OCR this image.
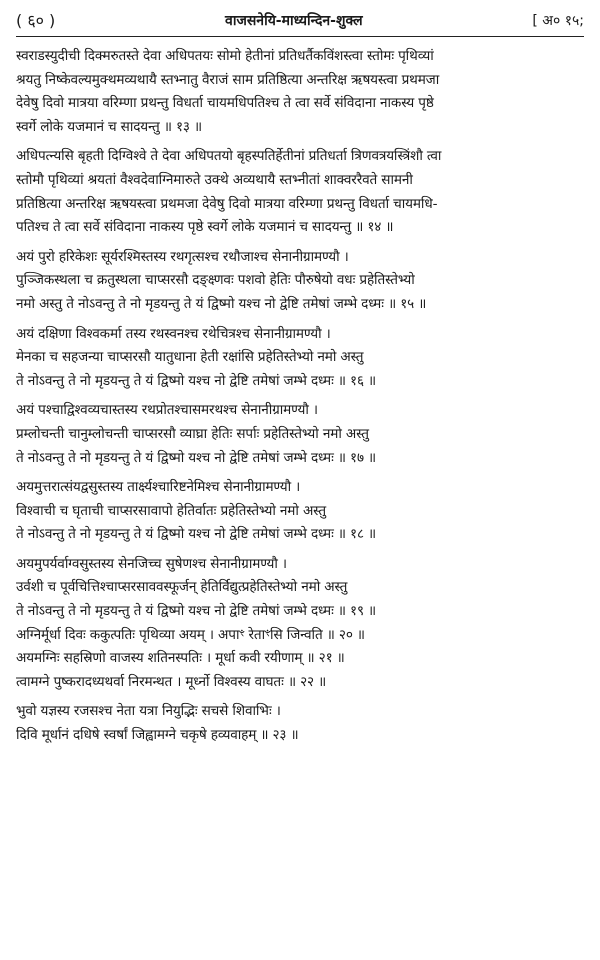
( ६० )	वाजसनेयि-माध्यन्दिन-शुक्ल	[ अ० १५;
स्वराडस्युदीची दिक्मरुतस्ते देवा अधिपतयः सोमो हेतीनां प्रतिधर्तैकविंशस्त्वा स्तोमः पृथिव्यां
श्रयतु निष्केवल्यमुक्थमव्यथायै स्तभ्नातु वैराजं साम प्रतिष्ठित्या अन्तरिक्ष ऋषयस्त्वा प्रथमजा
देवेषु दिवो मात्रया वरिम्णा प्रथन्तु विधर्ता चायमधिपतिश्च ते त्वा सर्वे संविदाना नाकस्य पृष्ठे
स्वर्गे लोके यजमानं च सादयन्तु ॥ १३ ॥
अधिपत्न्यसि बृहती दिग्विश्वे ते देवा अधिपतयो बृहस्पतिर्हेतीनां प्रतिधर्ता त्रिणवत्रयस्त्रिंशौ त्वा
स्तोमौ पृथिव्यां श्रयतां वैश्वदेवाग्निमारुते उक्थे अव्यथायै स्तभ्नीतां शाक्वररैवते सामनी
प्रतिष्ठित्या अन्तरिक्ष ऋषयस्त्वा प्रथमजा देवेषु दिवो मात्रया वरिम्णा प्रथन्तु विधर्ता चायमधि-
पतिश्च ते त्वा सर्वे संविदाना नाकस्य पृष्ठे स्वर्गे लोके यजमानं च सादयन्तु ॥ १४ ॥
अयं पुरो हरिकेशः सूर्यरश्मिस्तस्य रथगृत्सश्च रथौजाश्च सेनानीग्रामण्यौ ।
पुञ्जिकस्थला च क्रतुस्थला चाप्सरसौ दङ्क्ष्णवः पशवो हेतिः पौरुषेयो वधः प्रहेतिस्तेभ्यो
नमो अस्तु ते नोऽवन्तु ते नो मृडयन्तु ते यं द्विष्मो यश्च नो द्वेष्टि तमेषां जम्भे दध्मः ॥ १५ ॥
अयं दक्षिणा विश्वकर्मा तस्य रथस्वनश्च रथेचित्रश्च सेनानीग्रामण्यौ ।
मेनका च सहजन्या चाप्सरसौ यातुधाना हेती रक्षांसि प्रहेतिस्तेभ्यो नमो अस्तु
ते नोऽवन्तु ते नो मृडयन्तु ते यं द्विष्मो यश्च नो द्वेष्टि तमेषां जम्भे दध्मः ॥ १६ ॥
अयं पश्चाद्विश्वव्यचास्तस्य रथप्रोतश्चासमरथश्च सेनानीग्रामण्यौ ।
प्रम्लोचन्ती चानुम्लोचन्ती चाप्सरसौ व्याघ्रा हेतिः सर्पाः प्रहेतिस्तेभ्यो नमो अस्तु
ते नोऽवन्तु ते नो मृडयन्तु ते यं द्विष्मो यश्च नो द्वेष्टि तमेषां जम्भे दध्मः ॥ १७ ॥
अयमुत्तरात्संयद्वसुस्तस्य तार्क्ष्यश्चारिष्टनेमिश्च सेनानीग्रामण्यौ ।
विश्वाची च घृताची चाप्सरसावापो हेतिर्वातः प्रहेतिस्तेभ्यो नमो अस्तु
ते नोऽवन्तु ते नो मृडयन्तु ते यं द्विष्मो यश्च नो द्वेष्टि तमेषां जम्भे दध्मः ॥ १८ ॥
अयमुपर्यर्वाग्वसुस्तस्य सेनजिच्च सुषेणश्च सेनानीग्रामण्यौ ।
उर्वशी च पूर्वचित्तिश्चाप्सरसाववस्फूर्जन् हेतिर्विद्युत्प्रहेतिस्तेभ्यो नमो अस्तु
ते नोऽवन्तु ते नो मृडयन्तु ते यं द्विष्मो यश्च नो द्वेष्टि तमेषां जम्भे दध्मः ॥ १९ ॥
अग्निर्मूर्धा दिवः ककुत्पतिः पृथिव्या अयम् । अपाꣳ रेताꣳसि जिन्वति ॥ २० ॥
अयमग्निः सहस्रिणो वाजस्य शतिनस्पतिः । मूर्धा कवी रयीणाम् ॥ २१ ॥
त्वामग्ने पुष्करादध्यथर्वा निरमन्थत । मूर्ध्नो विश्वस्य वाघतः ॥ २२ ॥
भुवो यज्ञस्य रजसश्च नेता यत्रा नियुद्भिः सचसे शिवाभिः ।
दिवि मूर्धानं दधिषे स्वर्षां जिह्वामग्ने चकृषे हव्यवाहम् ॥ २३ ॥
